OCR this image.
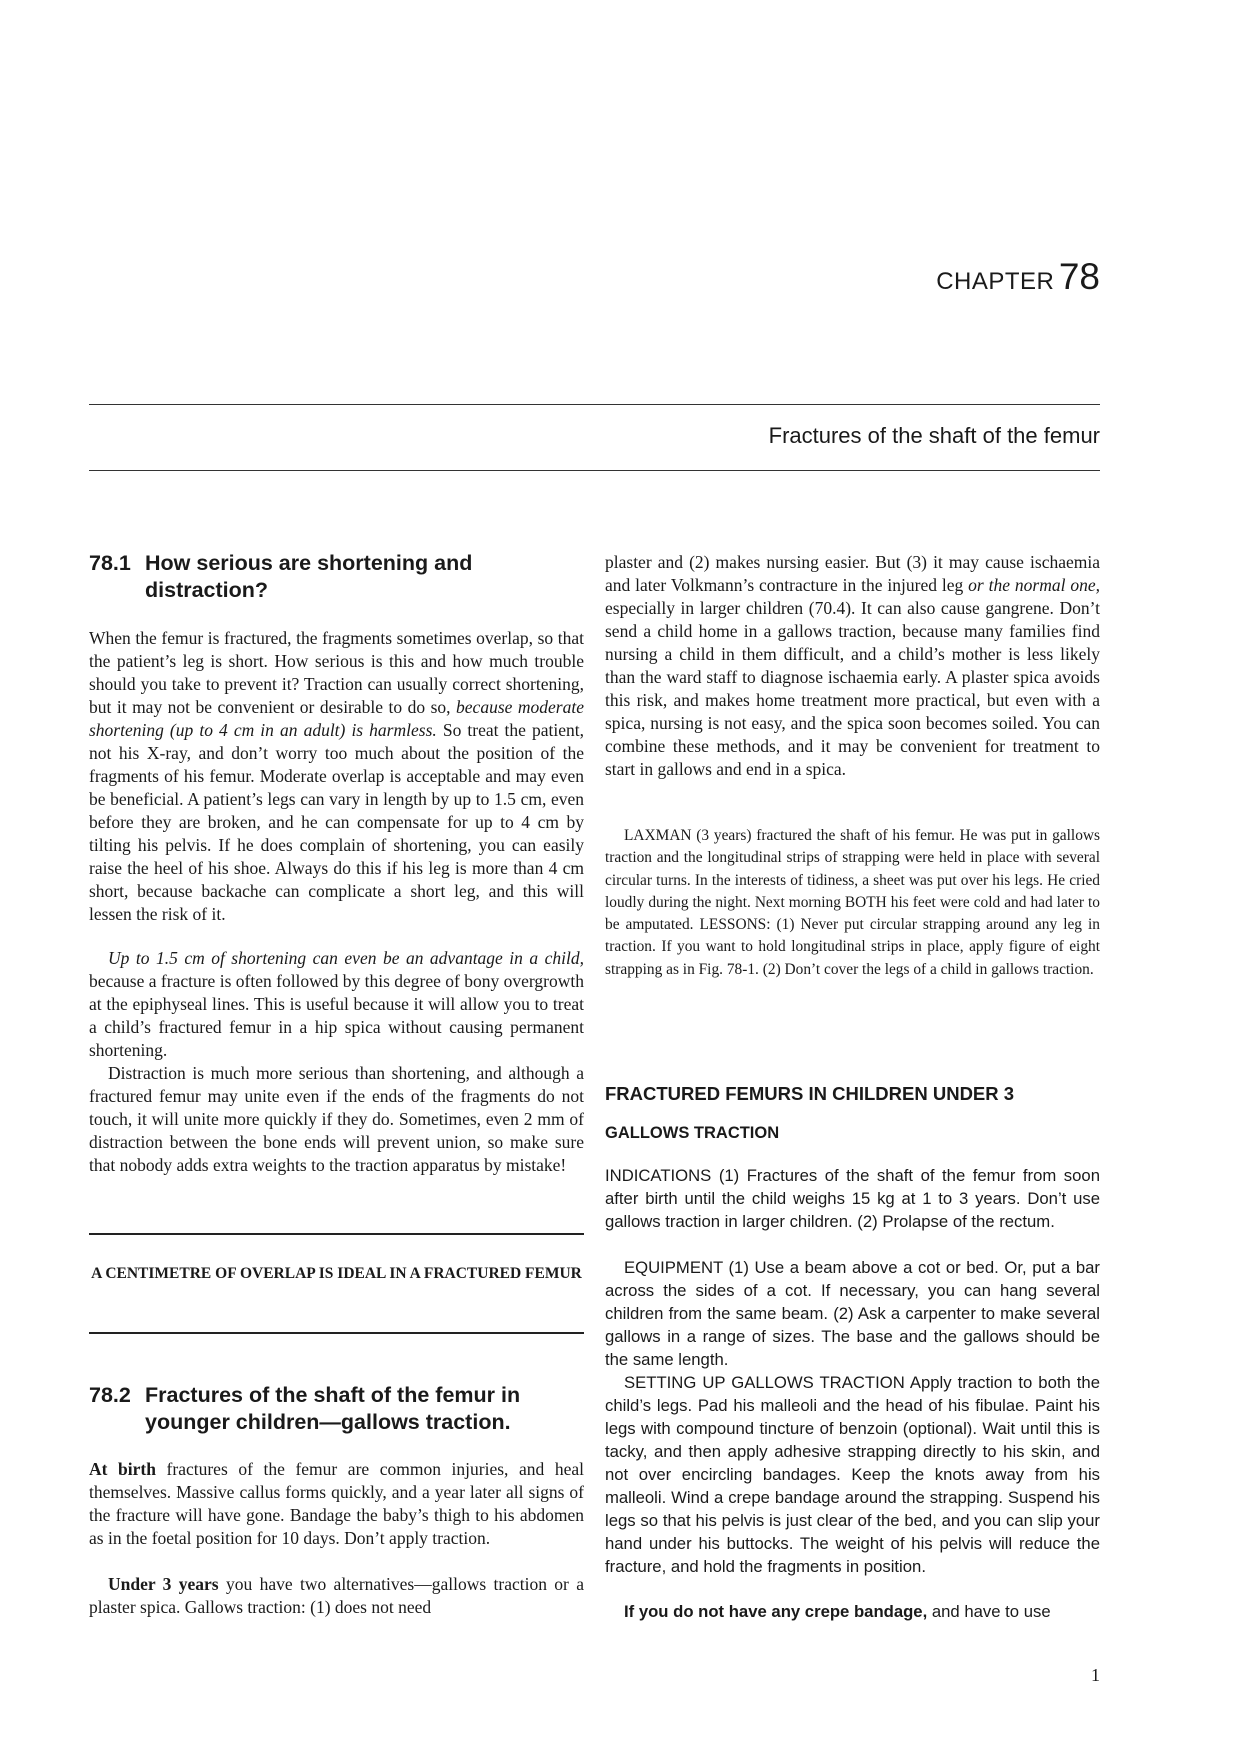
CHAPTER 78
Fractures of the shaft of the femur
78.1 How serious are shortening and distraction?

When the femur is fractured, the fragments sometimes overlap, so that the patient’s leg is short. How serious is this and how much trouble should you take to prevent it? Traction can usually correct shortening, but it may not be convenient or desirable to do so, because moderate shortening (up to 4 cm in an adult) is harmless. So treat the patient, not his X-ray, and don’t worry too much about the position of the fragments of his femur. Moderate overlap is acceptable and may even be beneficial. A patient’s legs can vary in length by up to 1.5 cm, even before they are broken, and he can compensate for up to 4 cm by tilting his pelvis. If he does complain of shortening, you can easily raise the heel of his shoe. Always do this if his leg is more than 4 cm short, because backache can complicate a short leg, and this will lessen the risk of it.

Up to 1.5 cm of shortening can even be an advantage in a child, because a fracture is often followed by this degree of bony overgrowth at the epiphyseal lines. This is useful because it will allow you to treat a child’s fractured femur in a hip spica without causing permanent shortening.

Distraction is much more serious than shortening, and although a fractured femur may unite even if the ends of the fragments do not touch, it will unite more quickly if they do. Sometimes, even 2 mm of distraction between the bone ends will prevent union, so make sure that nobody adds extra weights to the traction apparatus by mistake!

A CENTIMETRE OF OVERLAP IS IDEAL IN A FRACTURED FEMUR

78.2 Fractures of the shaft of the femur in younger children—gallows traction.

At birth fractures of the femur are common injuries, and heal themselves. Massive callus forms quickly, and a year later all signs of the fracture will have gone. Bandage the baby’s thigh to his abdomen as in the foetal position for 10 days. Don’t apply traction.

Under 3 years you have two alternatives—gallows traction or a plaster spica. Gallows traction: (1) does not need

plaster and (2) makes nursing easier. But (3) it may cause ischaemia and later Volkmann’s contracture in the injured leg or the normal one, especially in larger children (70.4). It can also cause gangrene. Don’t send a child home in a gallows traction, because many families find nursing a child in them difficult, and a child’s mother is less likely than the ward staff to diagnose ischaemia early. A plaster spica avoids this risk, and makes home treatment more practical, but even with a spica, nursing is not easy, and the spica soon becomes soiled. You can combine these methods, and it may be convenient for treatment to start in gallows and end in a spica.

LAXMAN (3 years) fractured the shaft of his femur. He was put in gallows traction and the longitudinal strips of strapping were held in place with several circular turns. In the interests of tidiness, a sheet was put over his legs. He cried loudly during the night. Next morning BOTH his feet were cold and had later to be amputated. LESSONS: (1) Never put circular strapping around any leg in traction. If you want to hold longitudinal strips in place, apply figure of eight strapping as in Fig. 78-1. (2) Don’t cover the legs of a child in gallows traction.

FRACTURED FEMURS IN CHILDREN UNDER 3
GALLOWS TRACTION

INDICATIONS (1) Fractures of the shaft of the femur from soon after birth until the child weighs 15 kg at 1 to 3 years. Don’t use gallows traction in larger children. (2) Prolapse of the rectum.

EQUIPMENT (1) Use a beam above a cot or bed. Or, put a bar across the sides of a cot. If necessary, you can hang several children from the same beam. (2) Ask a carpenter to make several gallows in a range of sizes. The base and the gallows should be the same length.

SETTING UP GALLOWS TRACTION Apply traction to both the child’s legs. Pad his malleoli and the head of his fibulae. Paint his legs with compound tincture of benzoin (optional). Wait until this is tacky, and then apply adhesive strapping directly to his skin, and not over encircling bandages. Keep the knots away from his malleoli. Wind a crepe bandage around the strapping. Suspend his legs so that his pelvis is just clear of the bed, and you can slip your hand under his buttocks. The weight of his pelvis will reduce the fracture, and hold the fragments in position.

If you do not have any crepe bandage, and have to use

1
